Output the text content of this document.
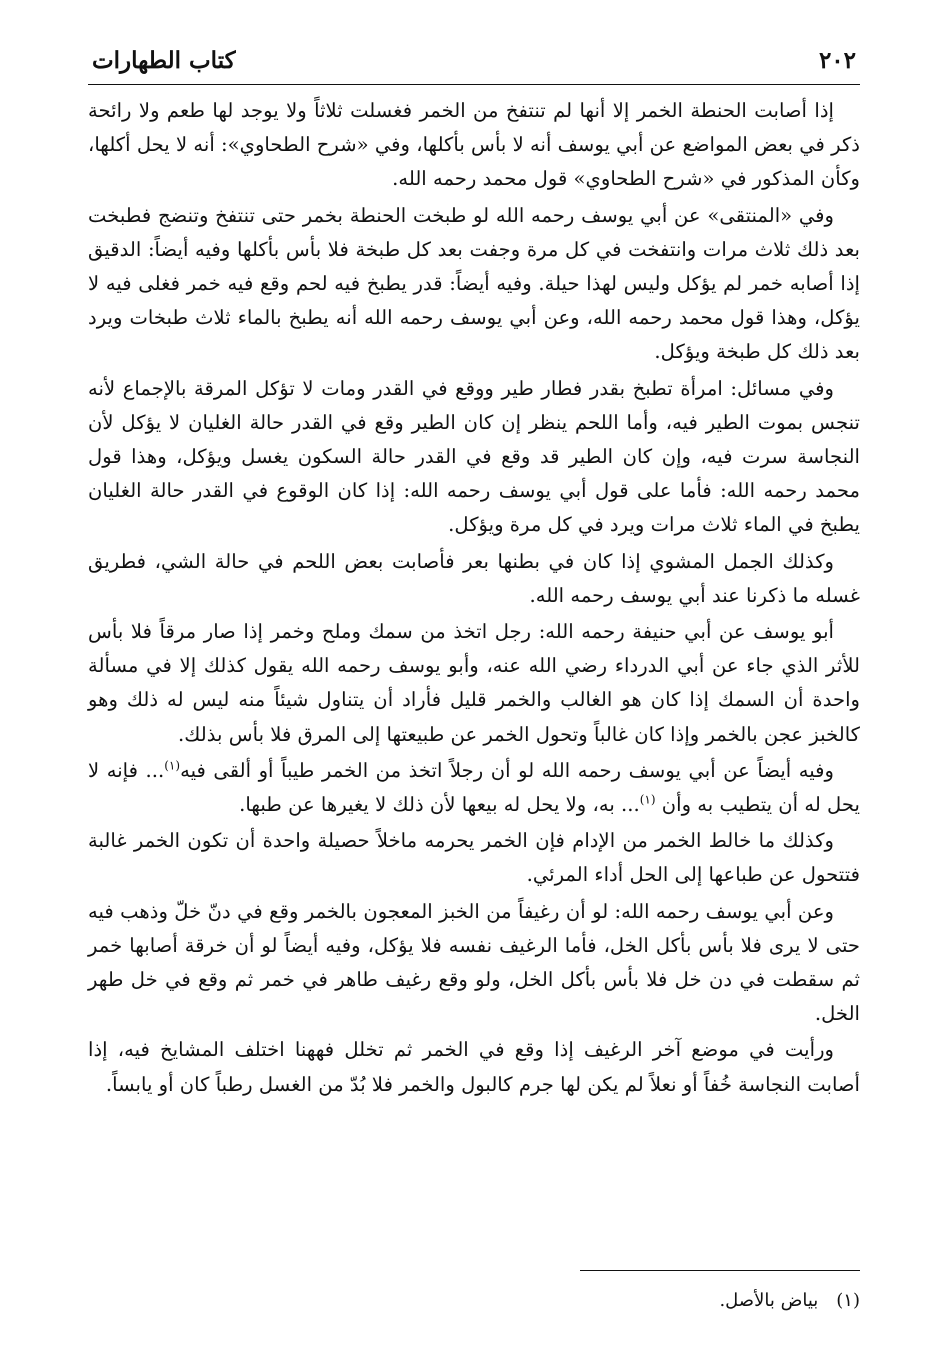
٢٠٢
كتاب الطهارات

إذا أصابت الحنطة الخمر إلا أنها لم تنتفخ من الخمر فغسلت ثلاثاً ولا يوجد لها طعم ولا رائحة ذكر في بعض المواضع عن أبي يوسف أنه لا بأس بأكلها، وفي «شرح الطحاوي»: أنه لا يحل أكلها، وكأن المذكور في «شرح الطحاوي» قول محمد رحمه الله.

وفي «المنتقى» عن أبي يوسف رحمه الله لو طبخت الحنطة بخمر حتى تنتفخ وتنضج فطبخت بعد ذلك ثلاث مرات وانتفخت في كل مرة وجفت بعد كل طبخة فلا بأس بأكلها وفيه أيضاً: الدقيق إذا أصابه خمر لم يؤكل وليس لهذا حيلة. وفيه أيضاً: قدر يطبخ فيه لحم وقع فيه خمر فغلى فيه لا يؤكل، وهذا قول محمد رحمه الله، وعن أبي يوسف رحمه الله أنه يطبخ بالماء ثلاث طبخات ويرد بعد ذلك كل طبخة ويؤكل.

وفي مسائل: امرأة تطبخ بقدر فطار طير ووقع في القدر ومات لا تؤكل المرقة بالإجماع لأنه تنجس بموت الطير فيه، وأما اللحم ينظر إن كان الطير وقع في القدر حالة الغليان لا يؤكل لأن النجاسة سرت فيه، وإن كان الطير قد وقع في القدر حالة السكون يغسل ويؤكل، وهذا قول محمد رحمه الله: فأما على قول أبي يوسف رحمه الله: إذا كان الوقوع في القدر حالة الغليان يطبخ في الماء ثلاث مرات ويرد في كل مرة ويؤكل.

وكذلك الجمل المشوي إذا كان في بطنها بعر فأصابت بعض اللحم في حالة الشي، فطريق غسله ما ذكرنا عند أبي يوسف رحمه الله.

أبو يوسف عن أبي حنيفة رحمه الله: رجل اتخذ من سمك وملح وخمر إذا صار مرقاً فلا بأس للأثر الذي جاء عن أبي الدرداء رضي الله عنه، وأبو يوسف رحمه الله يقول كذلك إلا في مسألة واحدة أن السمك إذا كان هو الغالب والخمر قليل فأراد أن يتناول شيئاً منه ليس له ذلك وهو كالخبز عجن بالخمر وإذا كان غالباً وتحول الخمر عن طبيعتها إلى المرق فلا بأس بذلك.

وفيه أيضاً عن أبي يوسف رحمه الله لو أن رجلاً اتخذ من الخمر طيباً أو ألقى فيه$^{(١)}$... فإنه لا يحل له أن يتطيب به وأن $^{(١)}$... به، ولا يحل له بيعها لأن ذلك لا يغيرها عن طبها.

وكذلك ما خالط الخمر من الإدام فإن الخمر يحرمه ماخلاً حصيلة واحدة أن تكون الخمر غالبة فتتحول عن طباعها إلى الحل أداء المرئي.

وعن أبي يوسف رحمه الله: لو أن رغيفاً من الخبز المعجون بالخمر وقع في دنّ خلّ وذهب فيه حتى لا يرى فلا بأس بأكل الخل، فأما الرغيف نفسه فلا يؤكل، وفيه أيضاً لو أن خرقة أصابها خمر ثم سقطت في دن خل فلا بأس بأكل الخل، ولو وقع رغيف طاهر في خمر ثم وقع في خل طهر الخل.

ورأيت في موضع آخر الرغيف إذا وقع في الخمر ثم تخلل فههنا اختلف المشايخ فيه، إذا أصابت النجاسة خُفاً أو نعلاً لم يكن لها جرم كالبول والخمر فلا بُدّ من الغسل رطباً كان أو يابساً.

(١)بياض بالأصل.
